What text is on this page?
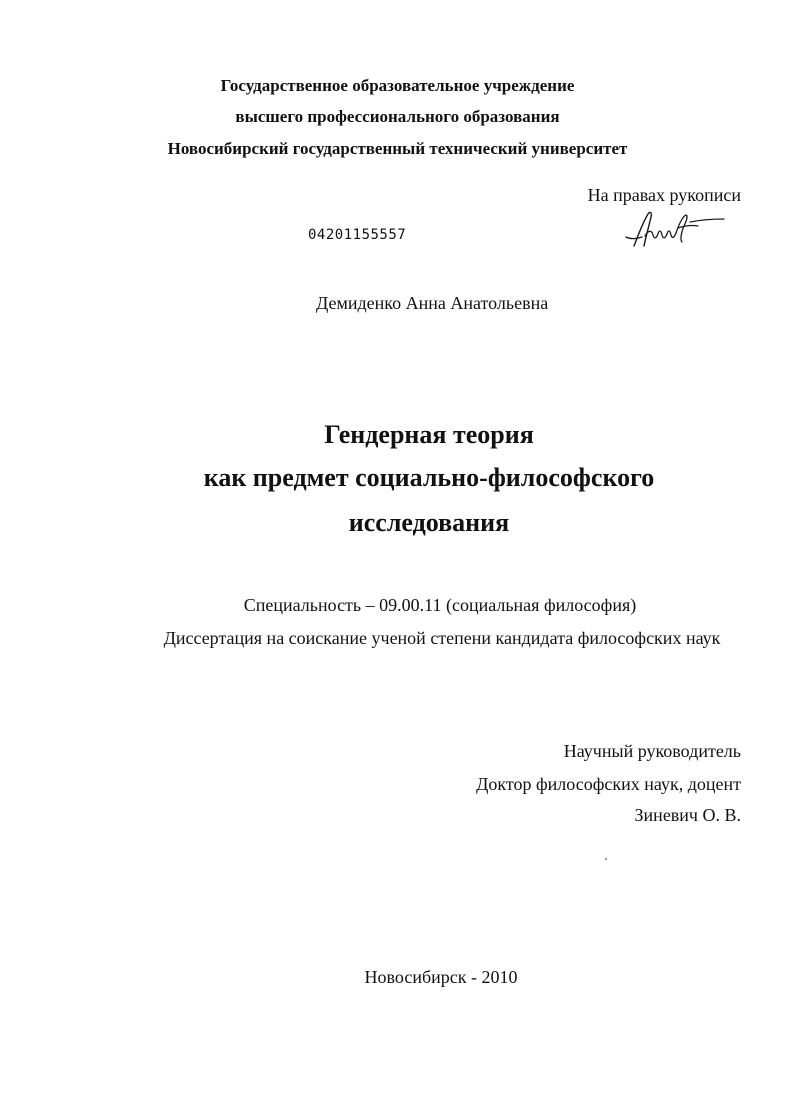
Государственное образовательное учреждение
высшего профессионального образования
Новосибирский государственный технический университет
На правах рукописи
04201155557
Демиденко Анна Анатольевна
Гендерная теория
как предмет социально-философского
исследования
Специальность – 09.00.11 (социальная философия)
Диссертация на соискание ученой степени кандидата философских наук
Научный руководитель
Доктор философских наук, доцент
Зиневич О. В.
Новосибирск - 2010
